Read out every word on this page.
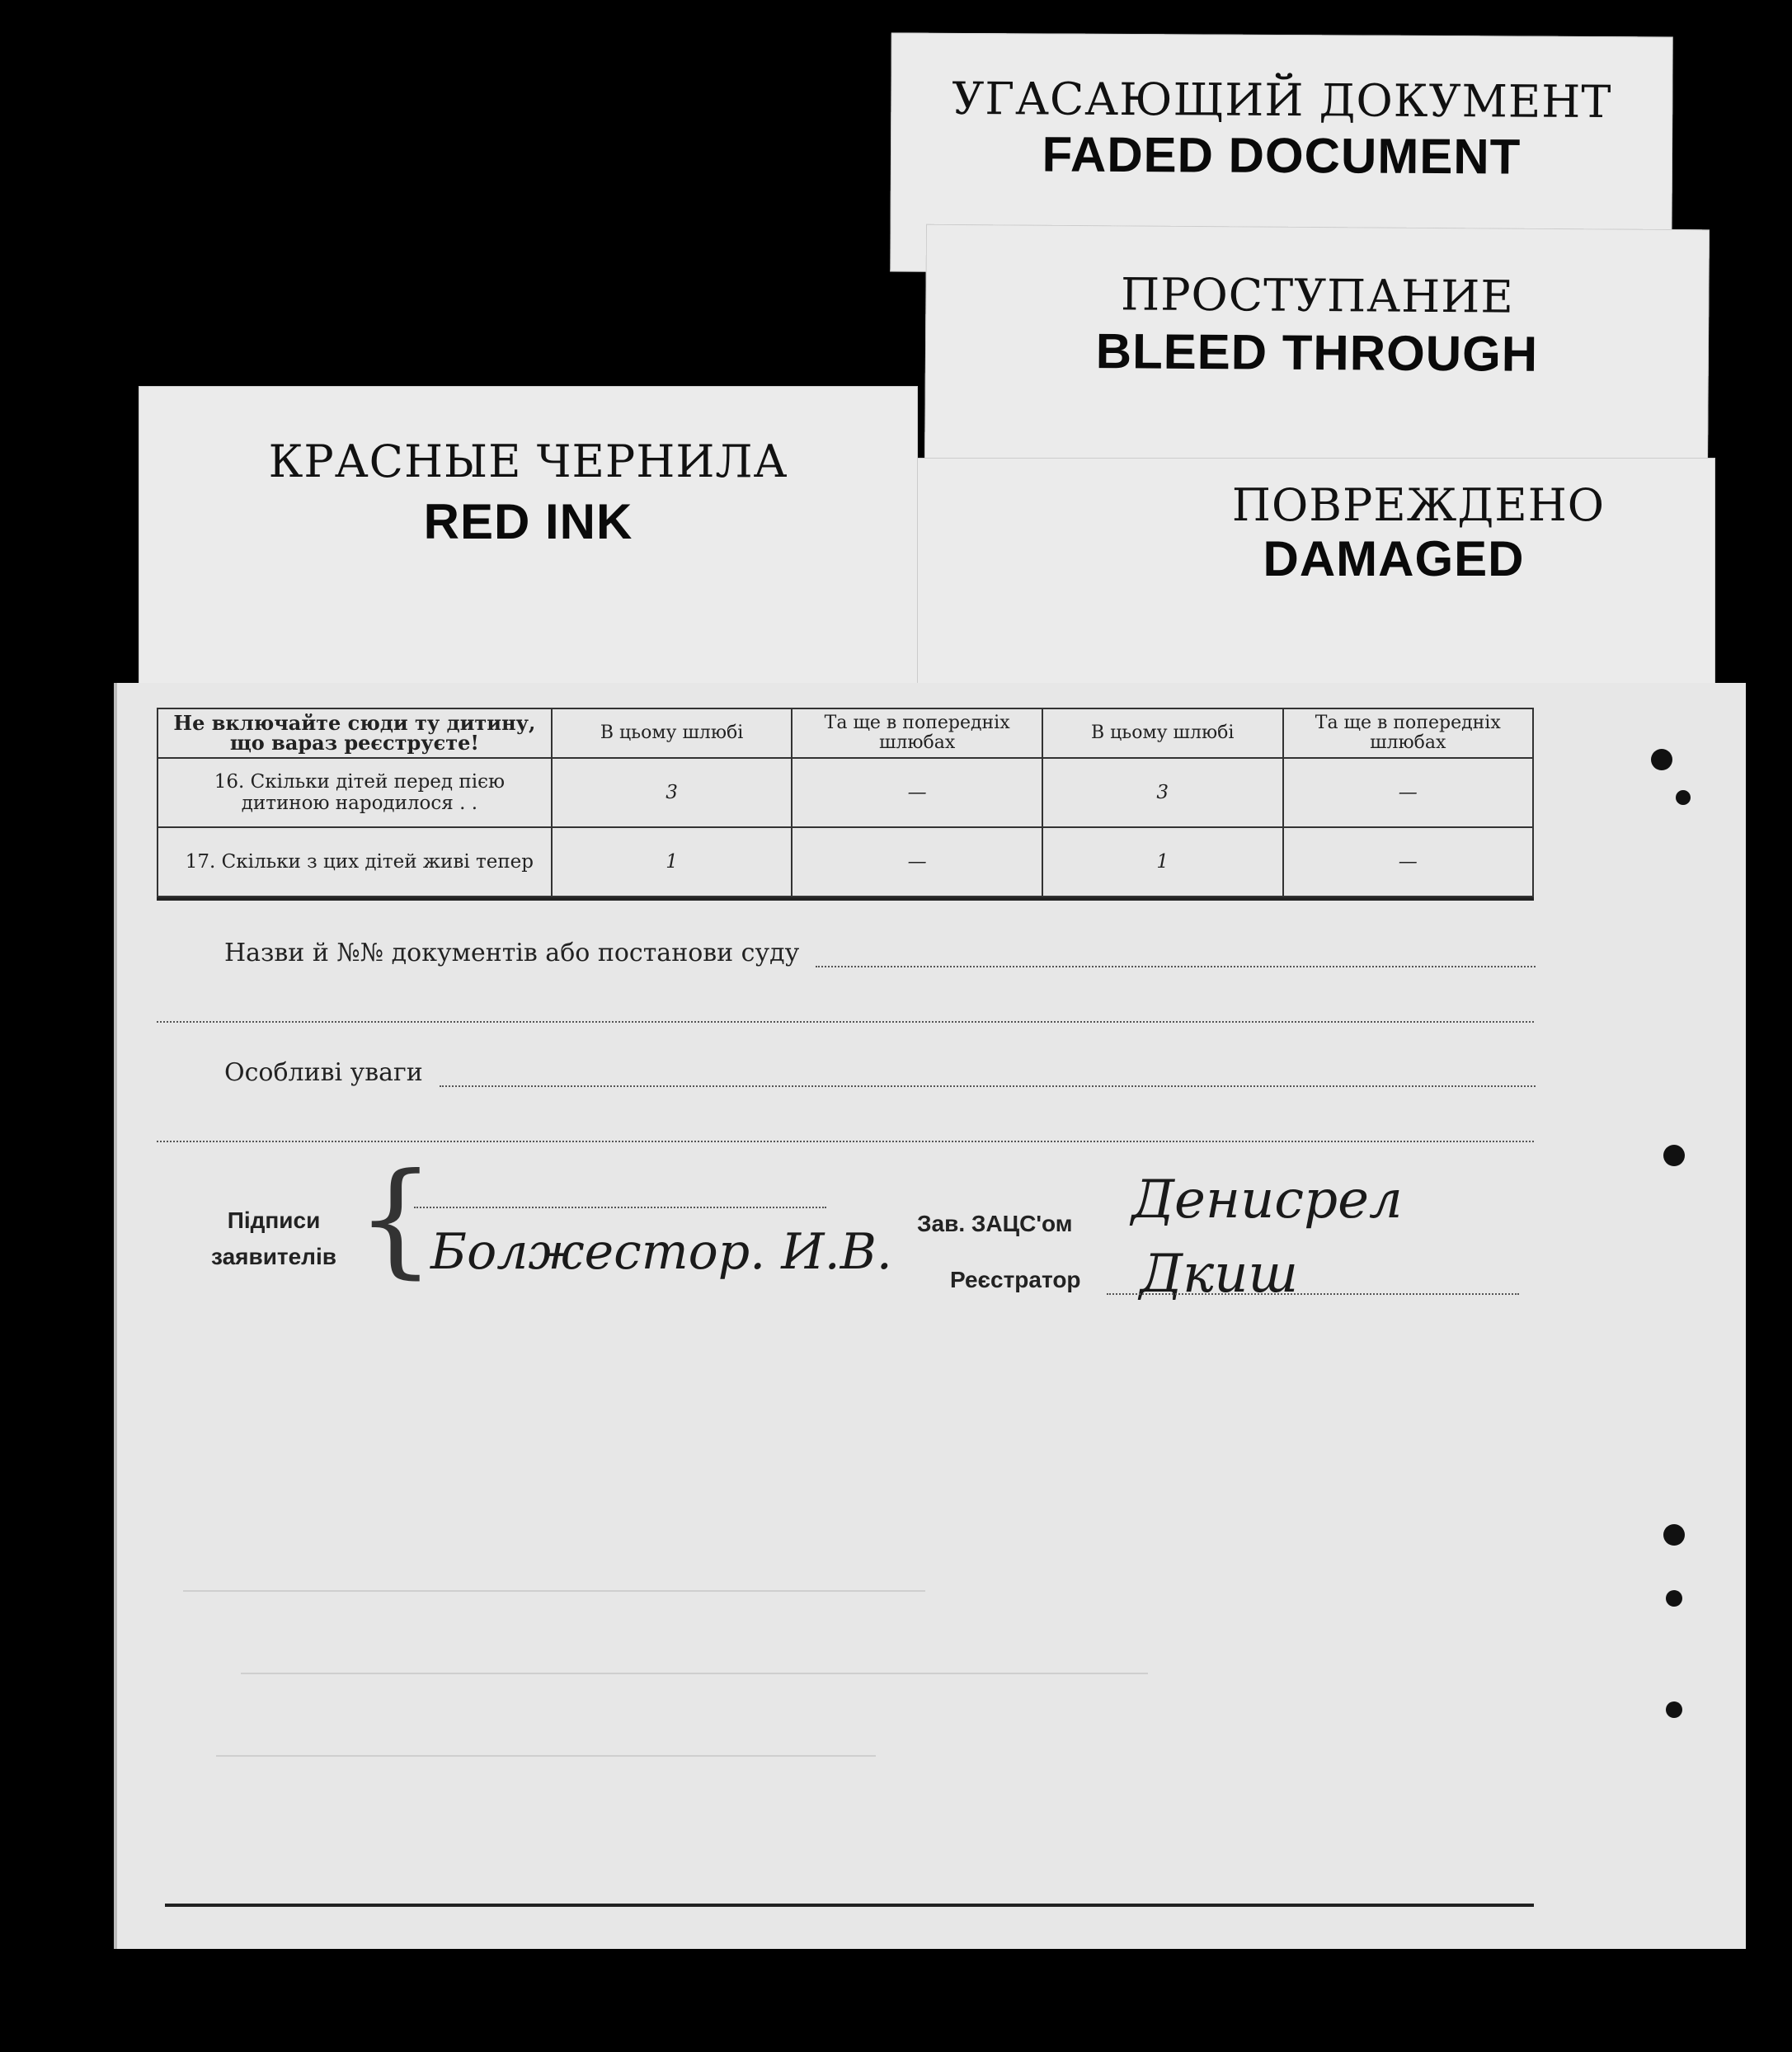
УГАСАЮЩИЙ ДОКУМЕНТ
FADED DOCUMENT
ПРОСТУПАНИЕ
BLEED THROUGH
ПОВРЕЖДЕНО
DAMAGED
КРАСНЫЕ ЧЕРНИЛА
RED INK
Не включайте сюди ту дитину, що вараз реєструєте!	В цьому шлюбі	Та ще в попередніх шлюбах	В цьому шлюбі	Та ще в попередніх шлюбах
16. Скільки дітей перед пією дитиною народилося . .	3	—	3	—
17. Скільки з цих дітей живі тепер	1	—	1	—
Назви й №№ документів або постанови суду
Особливі уваги
Підписи
заявителів {
Болжестор. И.В. Зав. ЗАЦС'ом Денисрел
Реєстратор Дкиш
